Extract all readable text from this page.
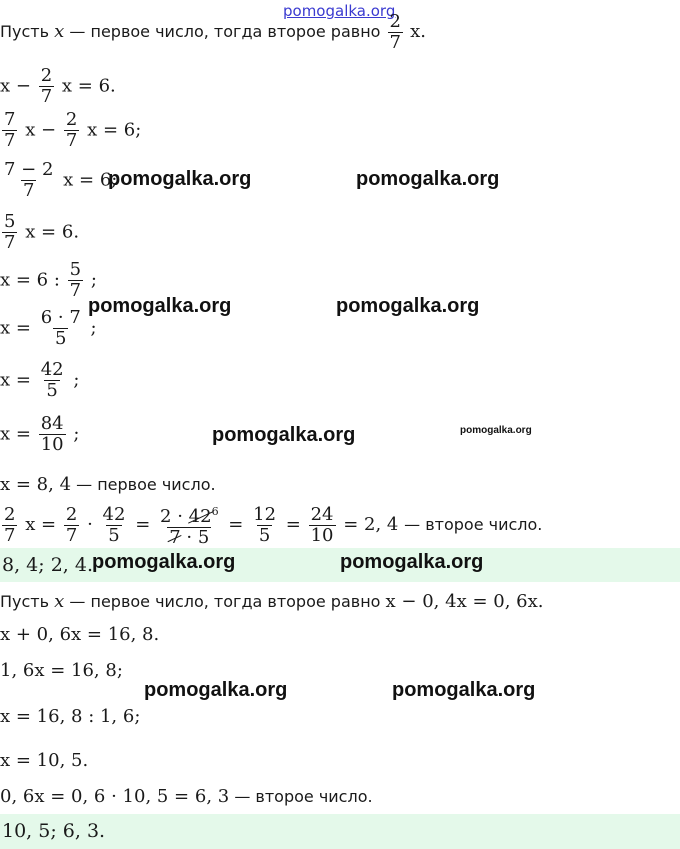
pomogalka.org
Пусть x — первое число, тогда второе равно $\frac{2}{7} x$.
$x - \frac{2}{7}$ x = 6.
$\frac{7}{7}$ $x - \frac{2}{7}$ x = 6;
$\frac{7 - 2}{7}$ x = 6;
$\frac{5}{7}$ x = 6.
x = 6 : $\frac{5}{7}$ ;
$x = \frac{6 \cdot 7}{5}$ ;
$x = \frac{42}{5}$ ;
$x = \frac{84}{10}$ ;
x = 8, 4 — первое число.
$\frac{2}{7}$ $x = \frac{2}{7} \cdot \frac{42}{5} = \frac{2 \cdot 42^6}{7 \cdot 5} = \frac{12}{5} = \frac{24}{10} = 2$, 4 — второе число.
8, 4; 2, 4.
Пусть x — первое число, тогда второе равно x − 0, 4x = 0, 6x.
x + 0, 6x = 16, 8.
1, 6x = 16, 8;
x = 16, 8 : 1, 6;
x = 10, 5.
0, 6x = 0, 6 · 10, 5 = 6, 3 — второе число.
10, 5; 6, 3.
pomogalka.org	pomogalka.org
pomogalka.org	pomogalka.org
pomogalka.org	pomogalka.org
pomogalka.org	pomogalka.org
pomogalka.org	pomogalka.org
